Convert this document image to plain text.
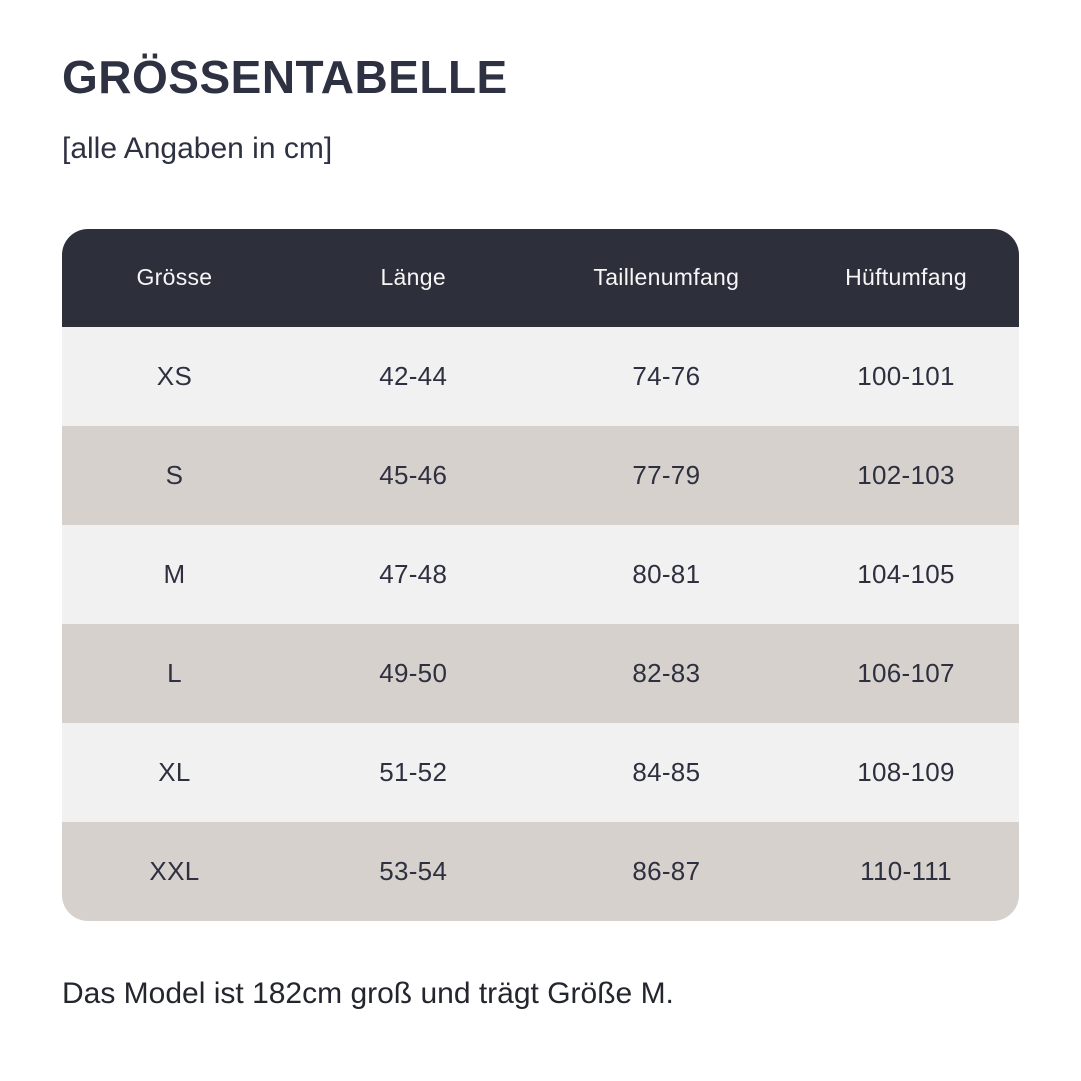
GRÖSSENTABELLE

[alle Angaben in cm]

Grösse	Länge	Taillenumfang	Hüftumfang
XS	42-44	74-76	100-101
S	45-46	77-79	102-103
M	47-48	80-81	104-105
L	49-50	82-83	106-107
XL	51-52	84-85	108-109
XXL	53-54	86-87	110-111

Das Model ist 182cm groß und trägt Größe M.
